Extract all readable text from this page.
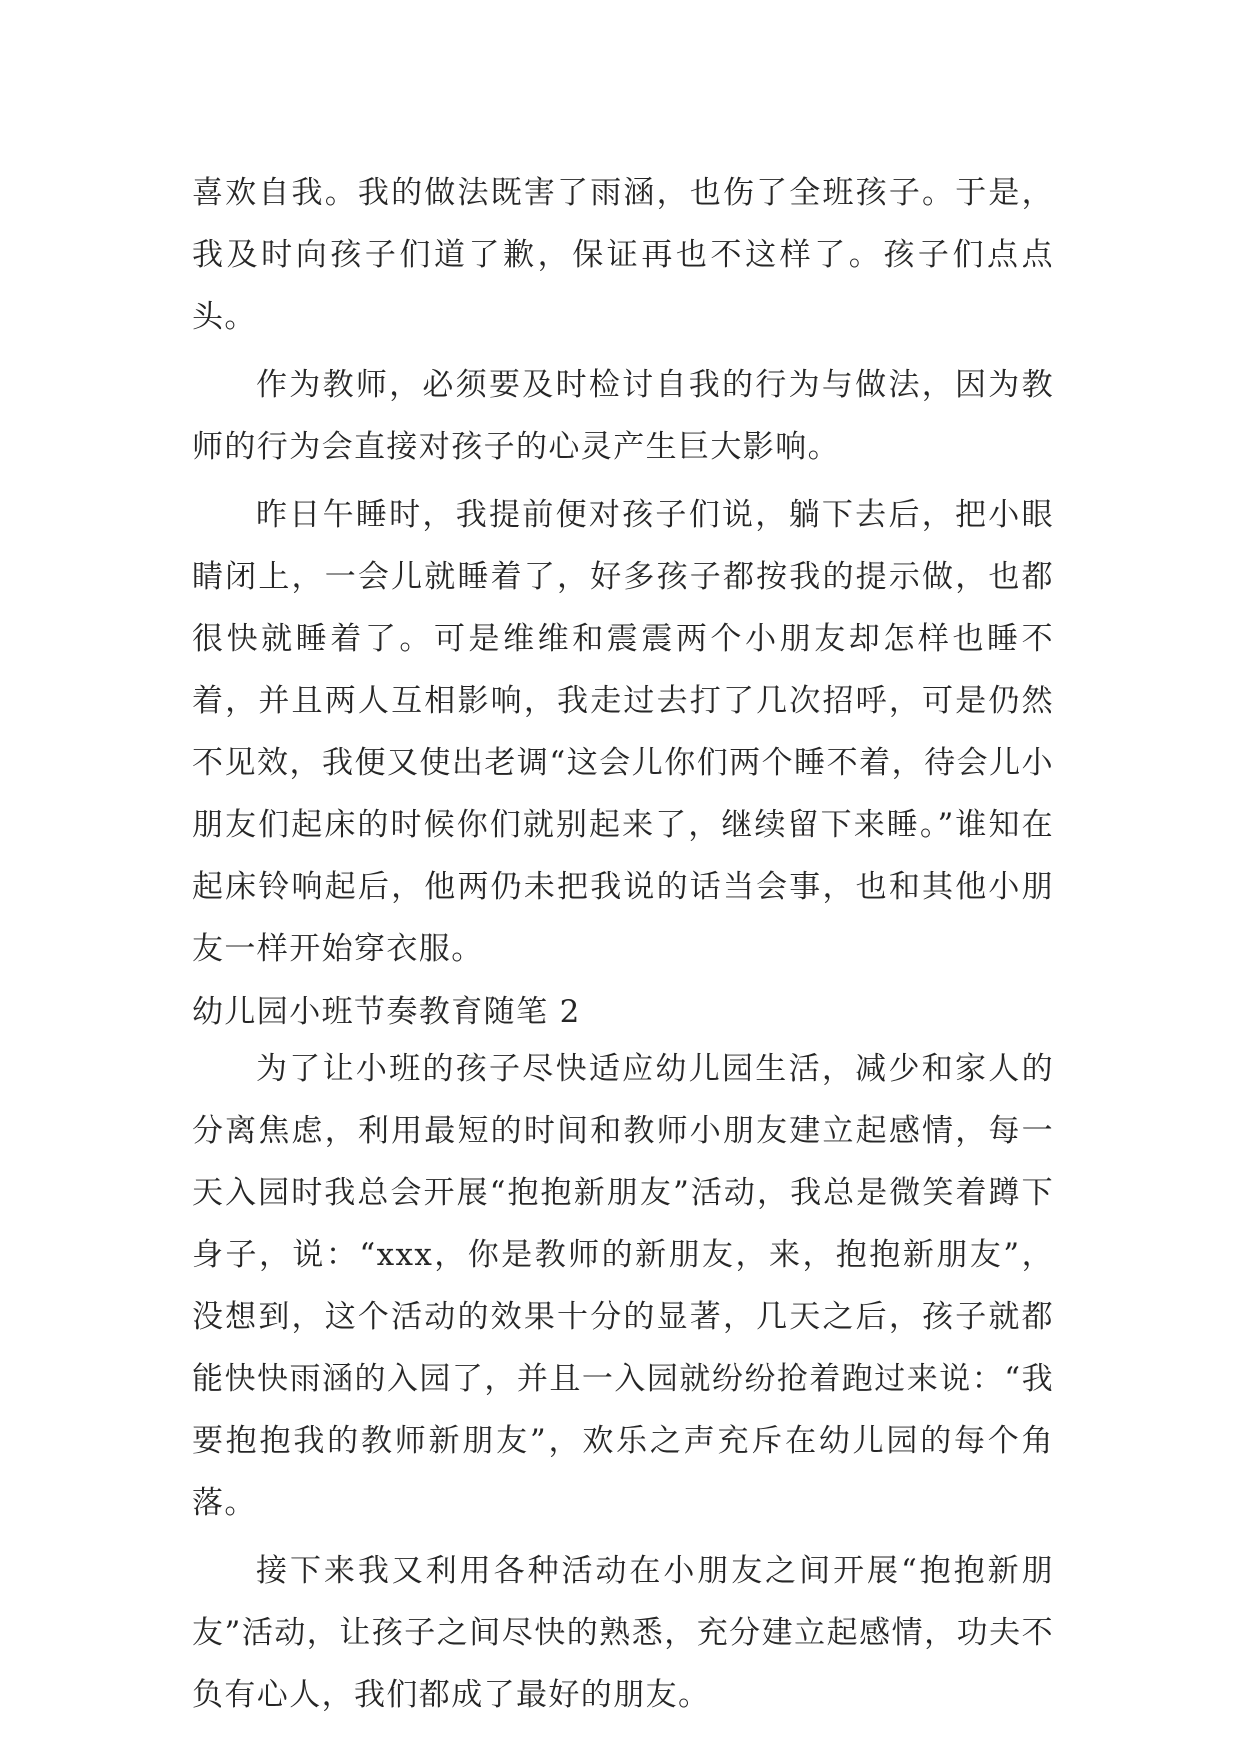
喜欢自我。我的做法既害了雨涵，也伤了全班孩子。于是，我及时向孩子们道了歉，保证再也不这样了。孩子们点点头。

作为教师，必须要及时检讨自我的行为与做法，因为教师的行为会直接对孩子的心灵产生巨大影响。

昨日午睡时，我提前便对孩子们说，躺下去后，把小眼睛闭上，一会儿就睡着了，好多孩子都按我的提示做，也都很快就睡着了。可是维维和震震两个小朋友却怎样也睡不着，并且两人互相影响，我走过去打了几次招呼，可是仍然不见效，我便又使出老调“这会儿你们两个睡不着，待会儿小朋友们起床的时候你们就别起来了，继续留下来睡。”谁知在起床铃响起后，他两仍未把我说的话当会事，也和其他小朋友一样开始穿衣服。

幼儿园小班节奏教育随笔 2

为了让小班的孩子尽快适应幼儿园生活，减少和家人的分离焦虑，利用最短的时间和教师小朋友建立起感情，每一天入园时我总会开展“抱抱新朋友”活动，我总是微笑着蹲下身子，说：“xxx，你是教师的新朋友，来，抱抱新朋友”，没想到，这个活动的效果十分的显著，几天之后，孩子就都能快快雨涵的入园了，并且一入园就纷纷抢着跑过来说：“我要抱抱我的教师新朋友”，欢乐之声充斥在幼儿园的每个角落。

接下来我又利用各种活动在小朋友之间开展“抱抱新朋友”活动，让孩子之间尽快的熟悉，充分建立起感情，功夫不负有心人，我们都成了最好的朋友。
